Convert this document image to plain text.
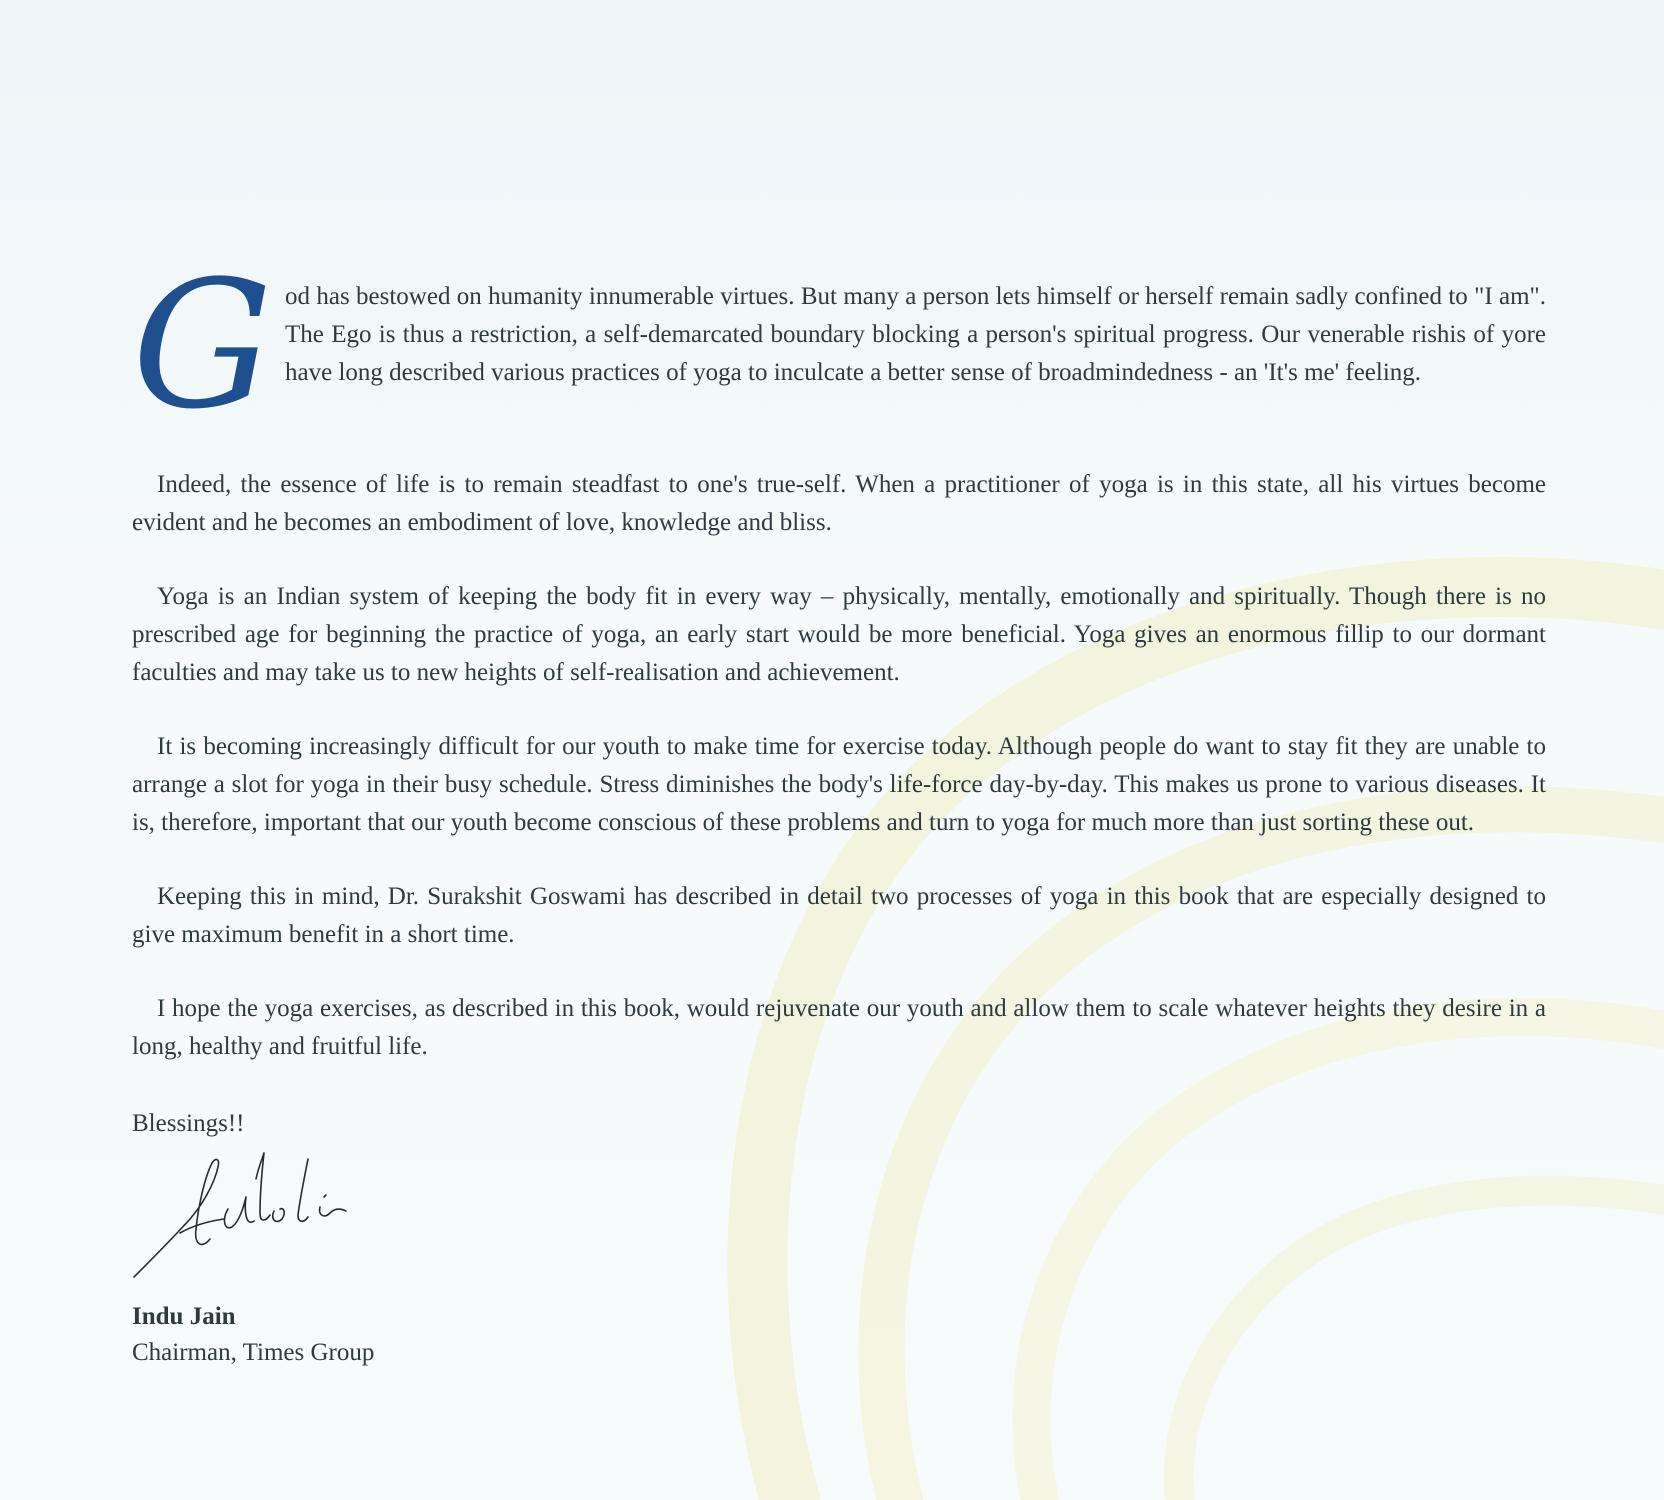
G od has bestowed on humanity innumerable virtues. But many a person lets himself or herself remain sadly confined to "I am". The Ego is thus a restriction, a self-demarcated boundary blocking a person's spiritual progress. Our venerable rishis of yore have long described various practices of yoga to inculcate a better sense of broadmindedness - an 'It's me' feeling.

Indeed, the essence of life is to remain steadfast to one's true-self. When a practitioner of yoga is in this state, all his virtues become evident and he becomes an embodiment of love, knowledge and bliss.

Yoga is an Indian system of keeping the body fit in every way – physically, mentally, emotionally and spiritually. Though there is no prescribed age for beginning the practice of yoga, an early start would be more beneficial. Yoga gives an enormous fillip to our dormant faculties and may take us to new heights of self-realisation and achievement.

It is becoming increasingly difficult for our youth to make time for exercise today. Although people do want to stay fit they are unable to arrange a slot for yoga in their busy schedule. Stress diminishes the body's life-force day-by-day. This makes us prone to various diseases. It is, therefore, important that our youth become conscious of these problems and turn to yoga for much more than just sorting these out.

Keeping this in mind, Dr. Surakshit Goswami has described in detail two processes of yoga in this book that are especially designed to give maximum benefit in a short time.

I hope the yoga exercises, as described in this book, would rejuvenate our youth and allow them to scale whatever heights they desire in a long, healthy and fruitful life.

Blessings!!

Indu Jain

Chairman, Times Group
